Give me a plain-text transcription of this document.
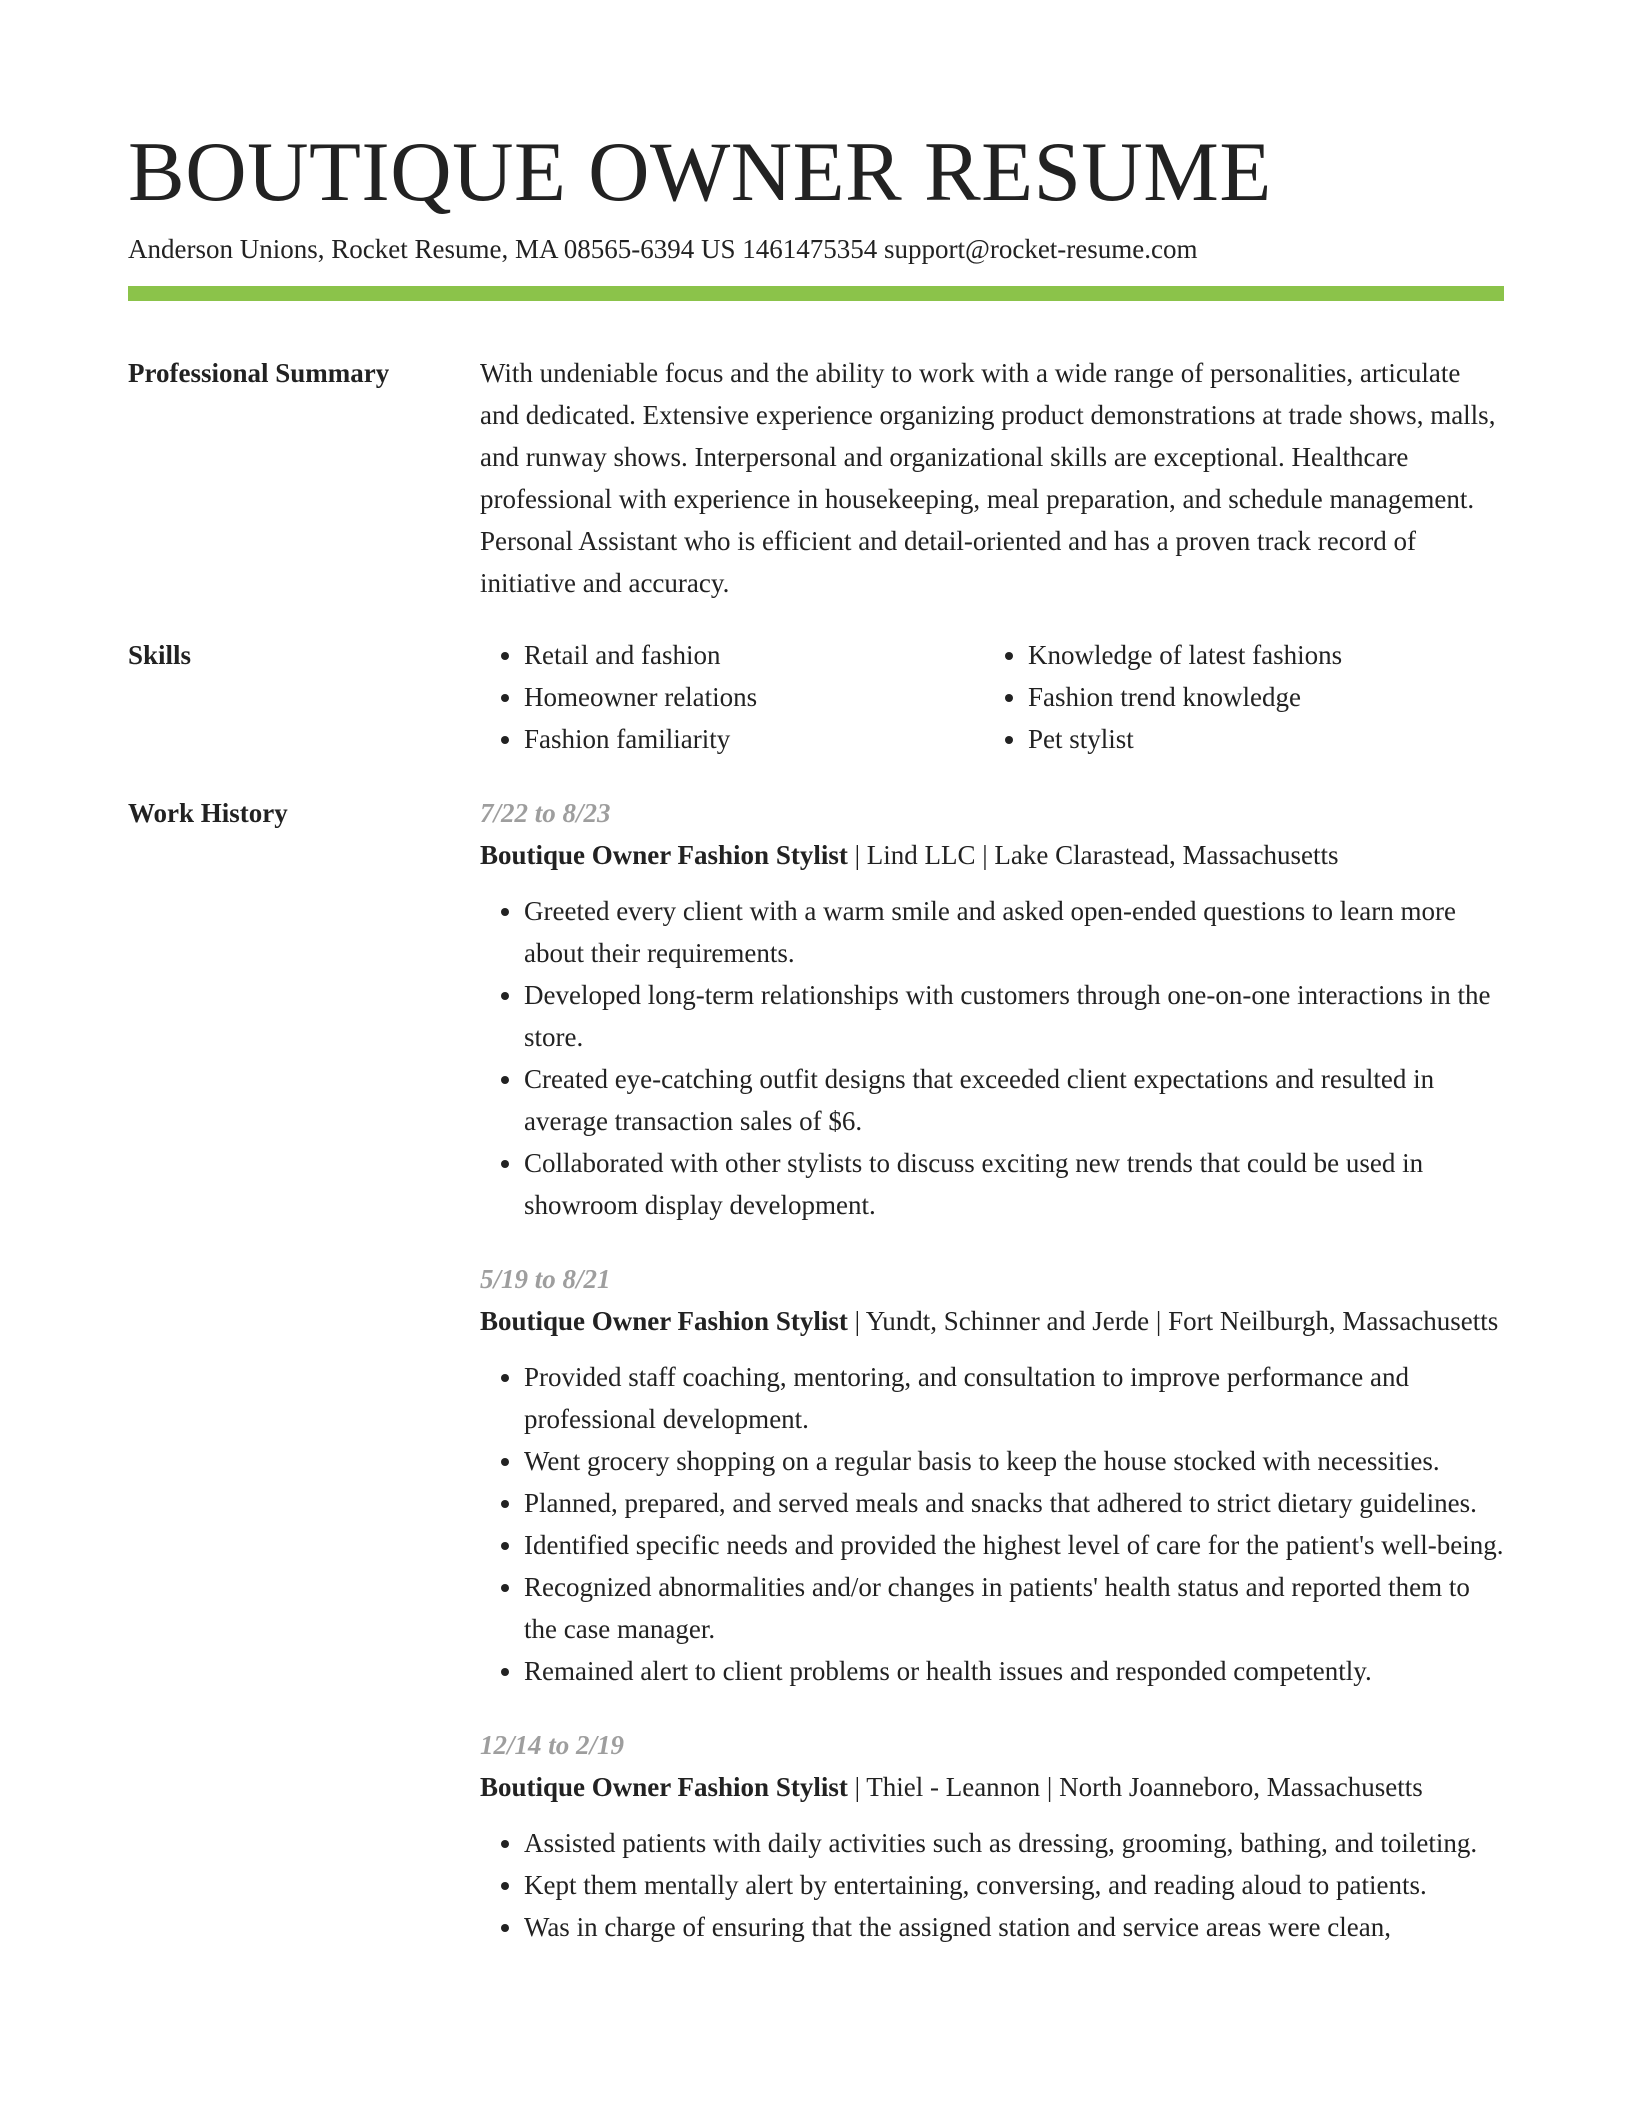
BOUTIQUE OWNER RESUME
Anderson Unions, Rocket Resume, MA 08565-6394 US 1461475354 support@rocket-resume.com
Professional Summary	With undeniable focus and the ability to work with a wide range of personalities, articulate and dedicated. Extensive experience organizing product demonstrations at trade shows, malls, and runway shows. Interpersonal and organizational skills are exceptional. Healthcare professional with experience in housekeeping, meal preparation, and schedule management. Personal Assistant who is efficient and detail-oriented and has a proven track record of initiative and accuracy.

Skills
•	Retail and fashion
• Homeowner relations
• Fashion familiarity
• Knowledge of latest fashions
• Fashion trend knowledge
• Pet stylist
Work History	7/22 to 8/23
Boutique Owner Fashion Stylist | Lind LLC | Lake Clarastead, Massachusetts
• Greeted every client with a warm smile and asked open-ended questions to learn more about their requirements.
• Developed long-term relationships with customers through one-on-one interactions in the store.
• Created eye-catching outfit designs that exceeded client expectations and resulted in average transaction sales of $6.
• Collaborated with other stylists to discuss exciting new trends that could be used in showroom display development.
5/19 to 8/21
Boutique Owner Fashion Stylist | Yundt, Schinner and Jerde | Fort Neilburgh, Massachusetts
• Provided staff coaching, mentoring, and consultation to improve performance and professional development.
• Went grocery shopping on a regular basis to keep the house stocked with necessities.
• Planned, prepared, and served meals and snacks that adhered to strict dietary guidelines.
• Identified specific needs and provided the highest level of care for the patient's well-being.
• Recognized abnormalities and/or changes in patients' health status and reported them to the case manager.
• Remained alert to client problems or health issues and responded competently.
12/14 to 2/19
Boutique Owner Fashion Stylist | Thiel - Leannon | North Joanneboro, Massachusetts
• Assisted patients with daily activities such as dressing, grooming, bathing, and toileting.
• Kept them mentally alert by entertaining, conversing, and reading aloud to patients.
• Was in charge of ensuring that the assigned station and service areas were clean,
